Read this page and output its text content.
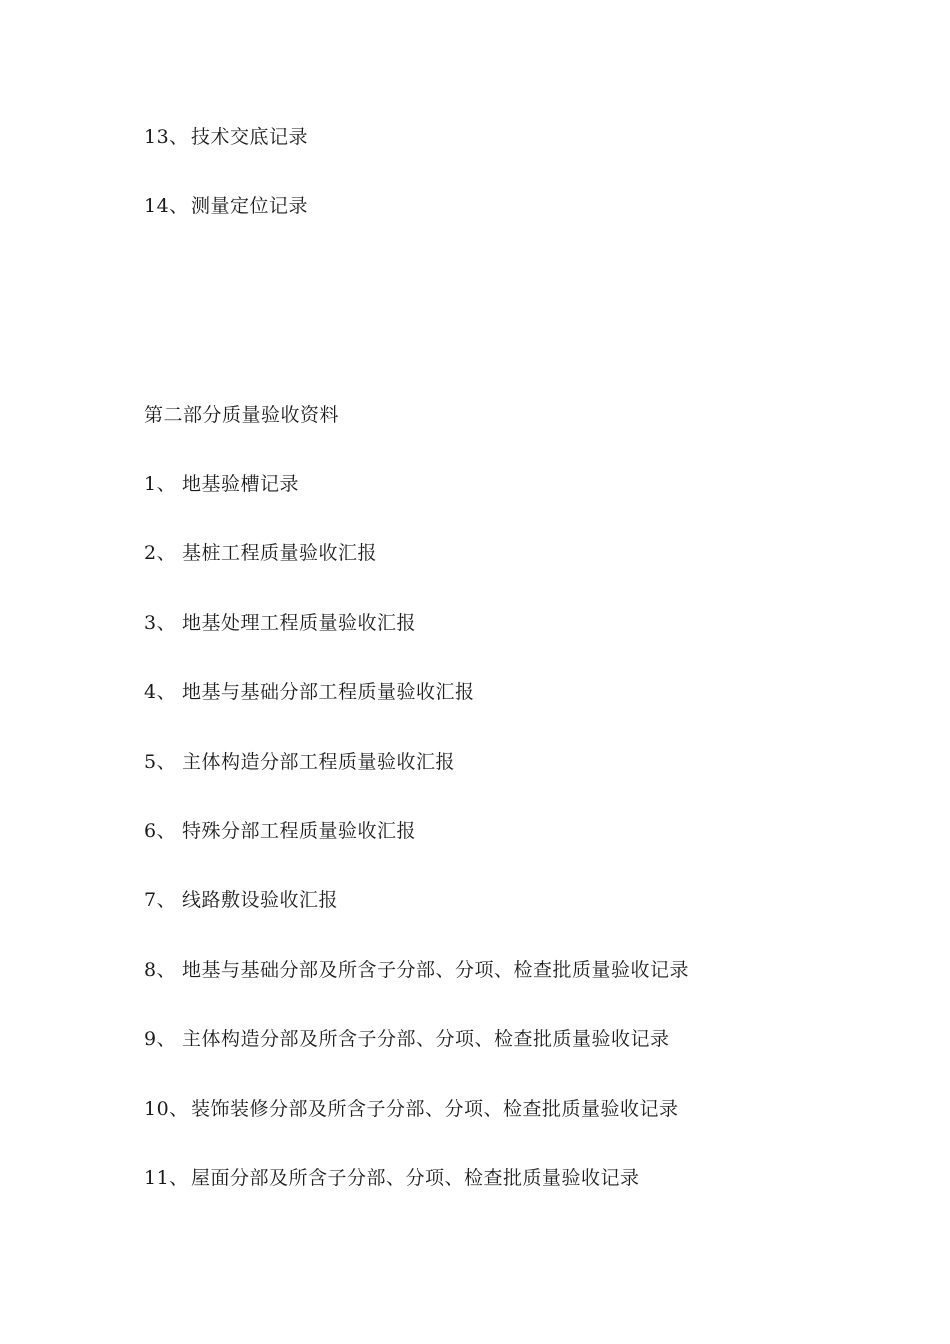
13、 技术交底记录
14、 测量定位记录
第二部分质量验收资料
1、 地基验槽记录
2、 基桩工程质量验收汇报
3、 地基处理工程质量验收汇报
4、 地基与基础分部工程质量验收汇报
5、 主体构造分部工程质量验收汇报
6、 特殊分部工程质量验收汇报
7、 线路敷设验收汇报
8、 地基与基础分部及所含子分部、分项、检查批质量验收记录
9、 主体构造分部及所含子分部、分项、检查批质量验收记录
10、 装饰装修分部及所含子分部、分项、检查批质量验收记录
11、 屋面分部及所含子分部、分项、检查批质量验收记录
